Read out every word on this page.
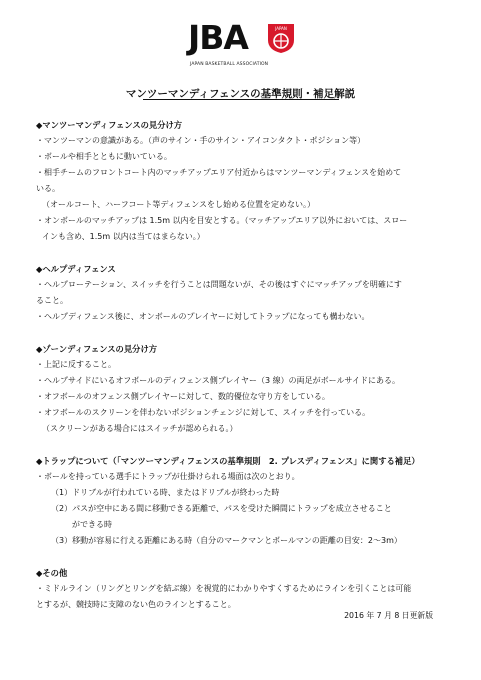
JBA	JAPAN
JAPAN BASKETBALL ASSOCIATION
マンツーマンディフェンスの基準規則・補足解説
◆マンツーマンディフェンスの見分け方
・マンツーマンの意識がある。（声のサイン・手のサイン・アイコンタクト・ポジション等）
・ボールや相手とともに動いている。
・相手チームのフロントコート内のマッチアップエリア付近からはマンツーマンディフェンスを始めて
いる。
（オールコート、ハーフコート等ディフェンスをし始める位置を定めない。）
・オンボールのマッチアップは 1.5m 以内を目安とする。（マッチアップエリア以外においては、スロー
インも含め、1.5m 以内は当てはまらない。）
◆ヘルプディフェンス
・ヘルプローテーション、スイッチを行うことは問題ないが、その後はすぐにマッチアップを明確にす
ること。
・ヘルプディフェンス後に、オンボールのプレイヤーに対してトラップになっても構わない。
◆ゾーンディフェンスの見分け方
・上記に反すること。
・ヘルプサイドにいるオフボールのディフェンス側プレイヤー（3 線）の両足がボールサイドにある。
・オフボールのオフェンス側プレイヤーに対して、数的優位な守り方をしている。
・オフボールのスクリーンを伴わないポジションチェンジに対して、スイッチを行っている。
（スクリーンがある場合にはスイッチが認められる。）
◆トラップについて（「マンツーマンディフェンスの基準規則　2. プレスディフェンス」に関する補足）
・ボールを持っている選手にトラップが仕掛けられる場面は次のとおり。
（1）ドリブルが行われている時、またはドリブルが終わった時
（2）パスが空中にある間に移動できる距離で、パスを受けた瞬間にトラップを成立させること
ができる時
（3）移動が容易に行える距離にある時（自分のマークマンとボールマンの距離の目安：2～3m）
◆その他
・ミドルライン（リングとリングを結ぶ線）を視覚的にわかりやすくするためにラインを引くことは可能
とするが、競技時に支障のない色のラインとすること。
2016 年 7 月 8 日更新版
